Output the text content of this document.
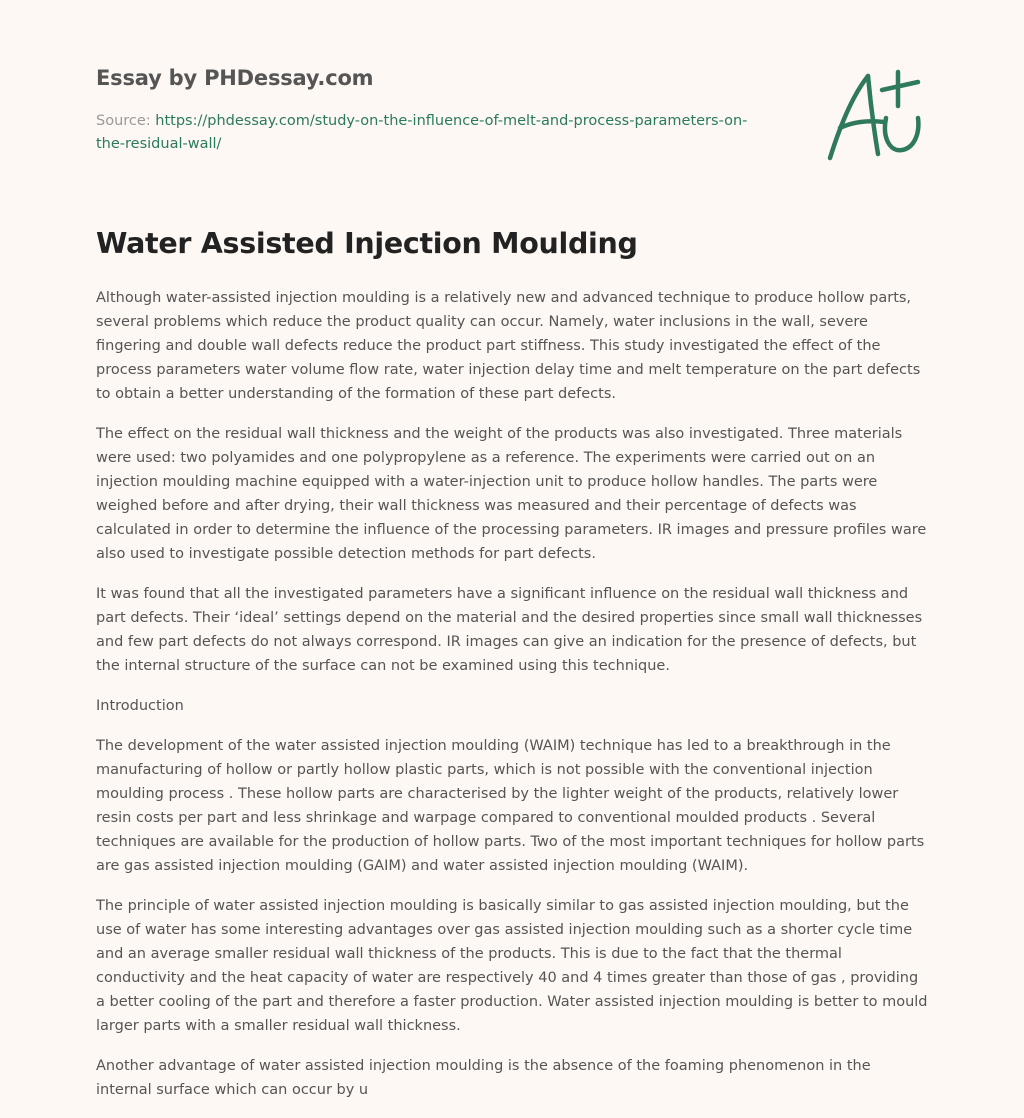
Essay by PHDessay.com
Source: https://phdessay.com/study-on-the-influence-of-melt-and-process-parameters-on-the-residual-wall/
Water Assisted Injection Moulding

Although water-assisted injection moulding is a relatively new and advanced technique to produce hollow parts, several problems which reduce the product quality can occur. Namely, water inclusions in the wall, severe fingering and double wall defects reduce the product part stiffness. This study investigated the effect of the process parameters water volume flow rate, water injection delay time and melt temperature on the part defects to obtain a better understanding of the formation of these part defects.

The effect on the residual wall thickness and the weight of the products was also investigated. Three materials were used: two polyamides and one polypropylene as a reference. The experiments were carried out on an injection moulding machine equipped with a water-injection unit to produce hollow handles. The parts were weighed before and after drying, their wall thickness was measured and their percentage of defects was calculated in order to determine the influence of the processing parameters. IR images and pressure profiles ware also used to investigate possible detection methods for part defects.

It was found that all the investigated parameters have a significant influence on the residual wall thickness and part defects. Their ‘ideal’ settings depend on the material and the desired properties since small wall thicknesses and few part defects do not always correspond. IR images can give an indication for the presence of defects, but the internal structure of the surface can not be examined using this technique.

Introduction

The development of the water assisted injection moulding (WAIM) technique has led to a breakthrough in the manufacturing of hollow or partly hollow plastic parts, which is not possible with the conventional injection moulding process . These hollow parts are characterised by the lighter weight of the products, relatively lower resin costs per part and less shrinkage and warpage compared to conventional moulded products . Several techniques are available for the production of hollow parts. Two of the most important techniques for hollow parts are gas assisted injection moulding (GAIM) and water assisted injection moulding (WAIM).

The principle of water assisted injection moulding is basically similar to gas assisted injection moulding, but the use of water has some interesting advantages over gas assisted injection moulding such as a shorter cycle time and an average smaller residual wall thickness of the products. This is due to the fact that the thermal conductivity and the heat capacity of water are respectively 40 and 4 times greater than those of gas , providing a better cooling of the part and therefore a faster production. Water assisted injection moulding is better to mould larger parts with a smaller residual wall thickness.

Another advantage of water assisted injection moulding is the absence of the foaming phenomenon in the internal surface which can occur by u
